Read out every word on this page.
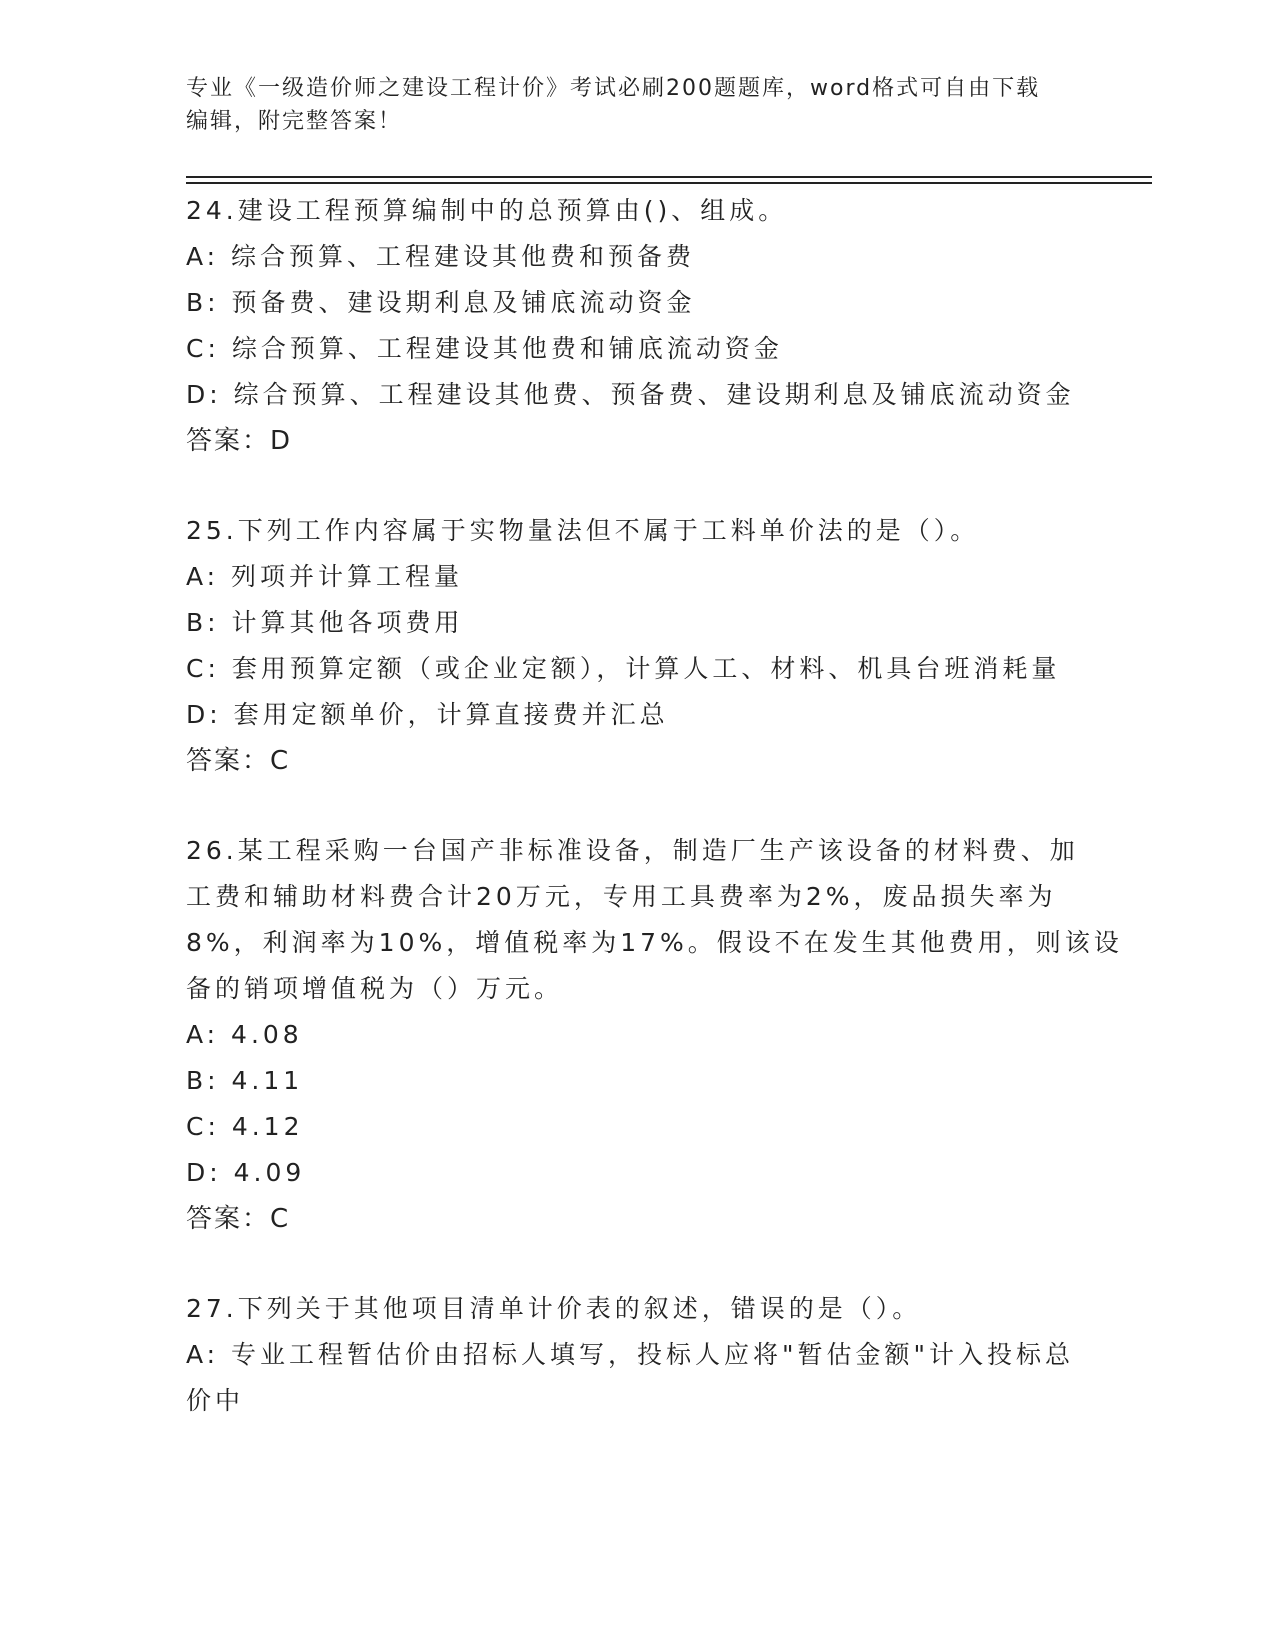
专业《一级造价师之建设工程计价》考试必刷200题题库，word格式可自由下载
编辑，附完整答案！
24.建设工程预算编制中的总预算由()、组成。
A: 综合预算、工程建设其他费和预备费
B: 预备费、建设期利息及铺底流动资金
C: 综合预算、工程建设其他费和铺底流动资金
D: 综合预算、工程建设其他费、预备费、建设期利息及铺底流动资金
答案：D
25.下列工作内容属于实物量法但不属于工料单价法的是（）。
A: 列项并计算工程量
B: 计算其他各项费用
C: 套用预算定额（或企业定额），计算人工、材料、机具台班消耗量
D: 套用定额单价，计算直接费并汇总
答案：C
26.某工程采购一台国产非标准设备，制造厂生产该设备的材料费、加
工费和辅助材料费合计20万元，专用工具费率为2%，废品损失率为
8%，利润率为10%，增值税率为17%。假设不在发生其他费用，则该设
备的销项增值税为（）万元。
A: 4.08
B: 4.11
C: 4.12
D: 4.09
答案：C
27.下列关于其他项目清单计价表的叙述，错误的是（）。
A: 专业工程暂估价由招标人填写，投标人应将"暂估金额"计入投标总
价中
